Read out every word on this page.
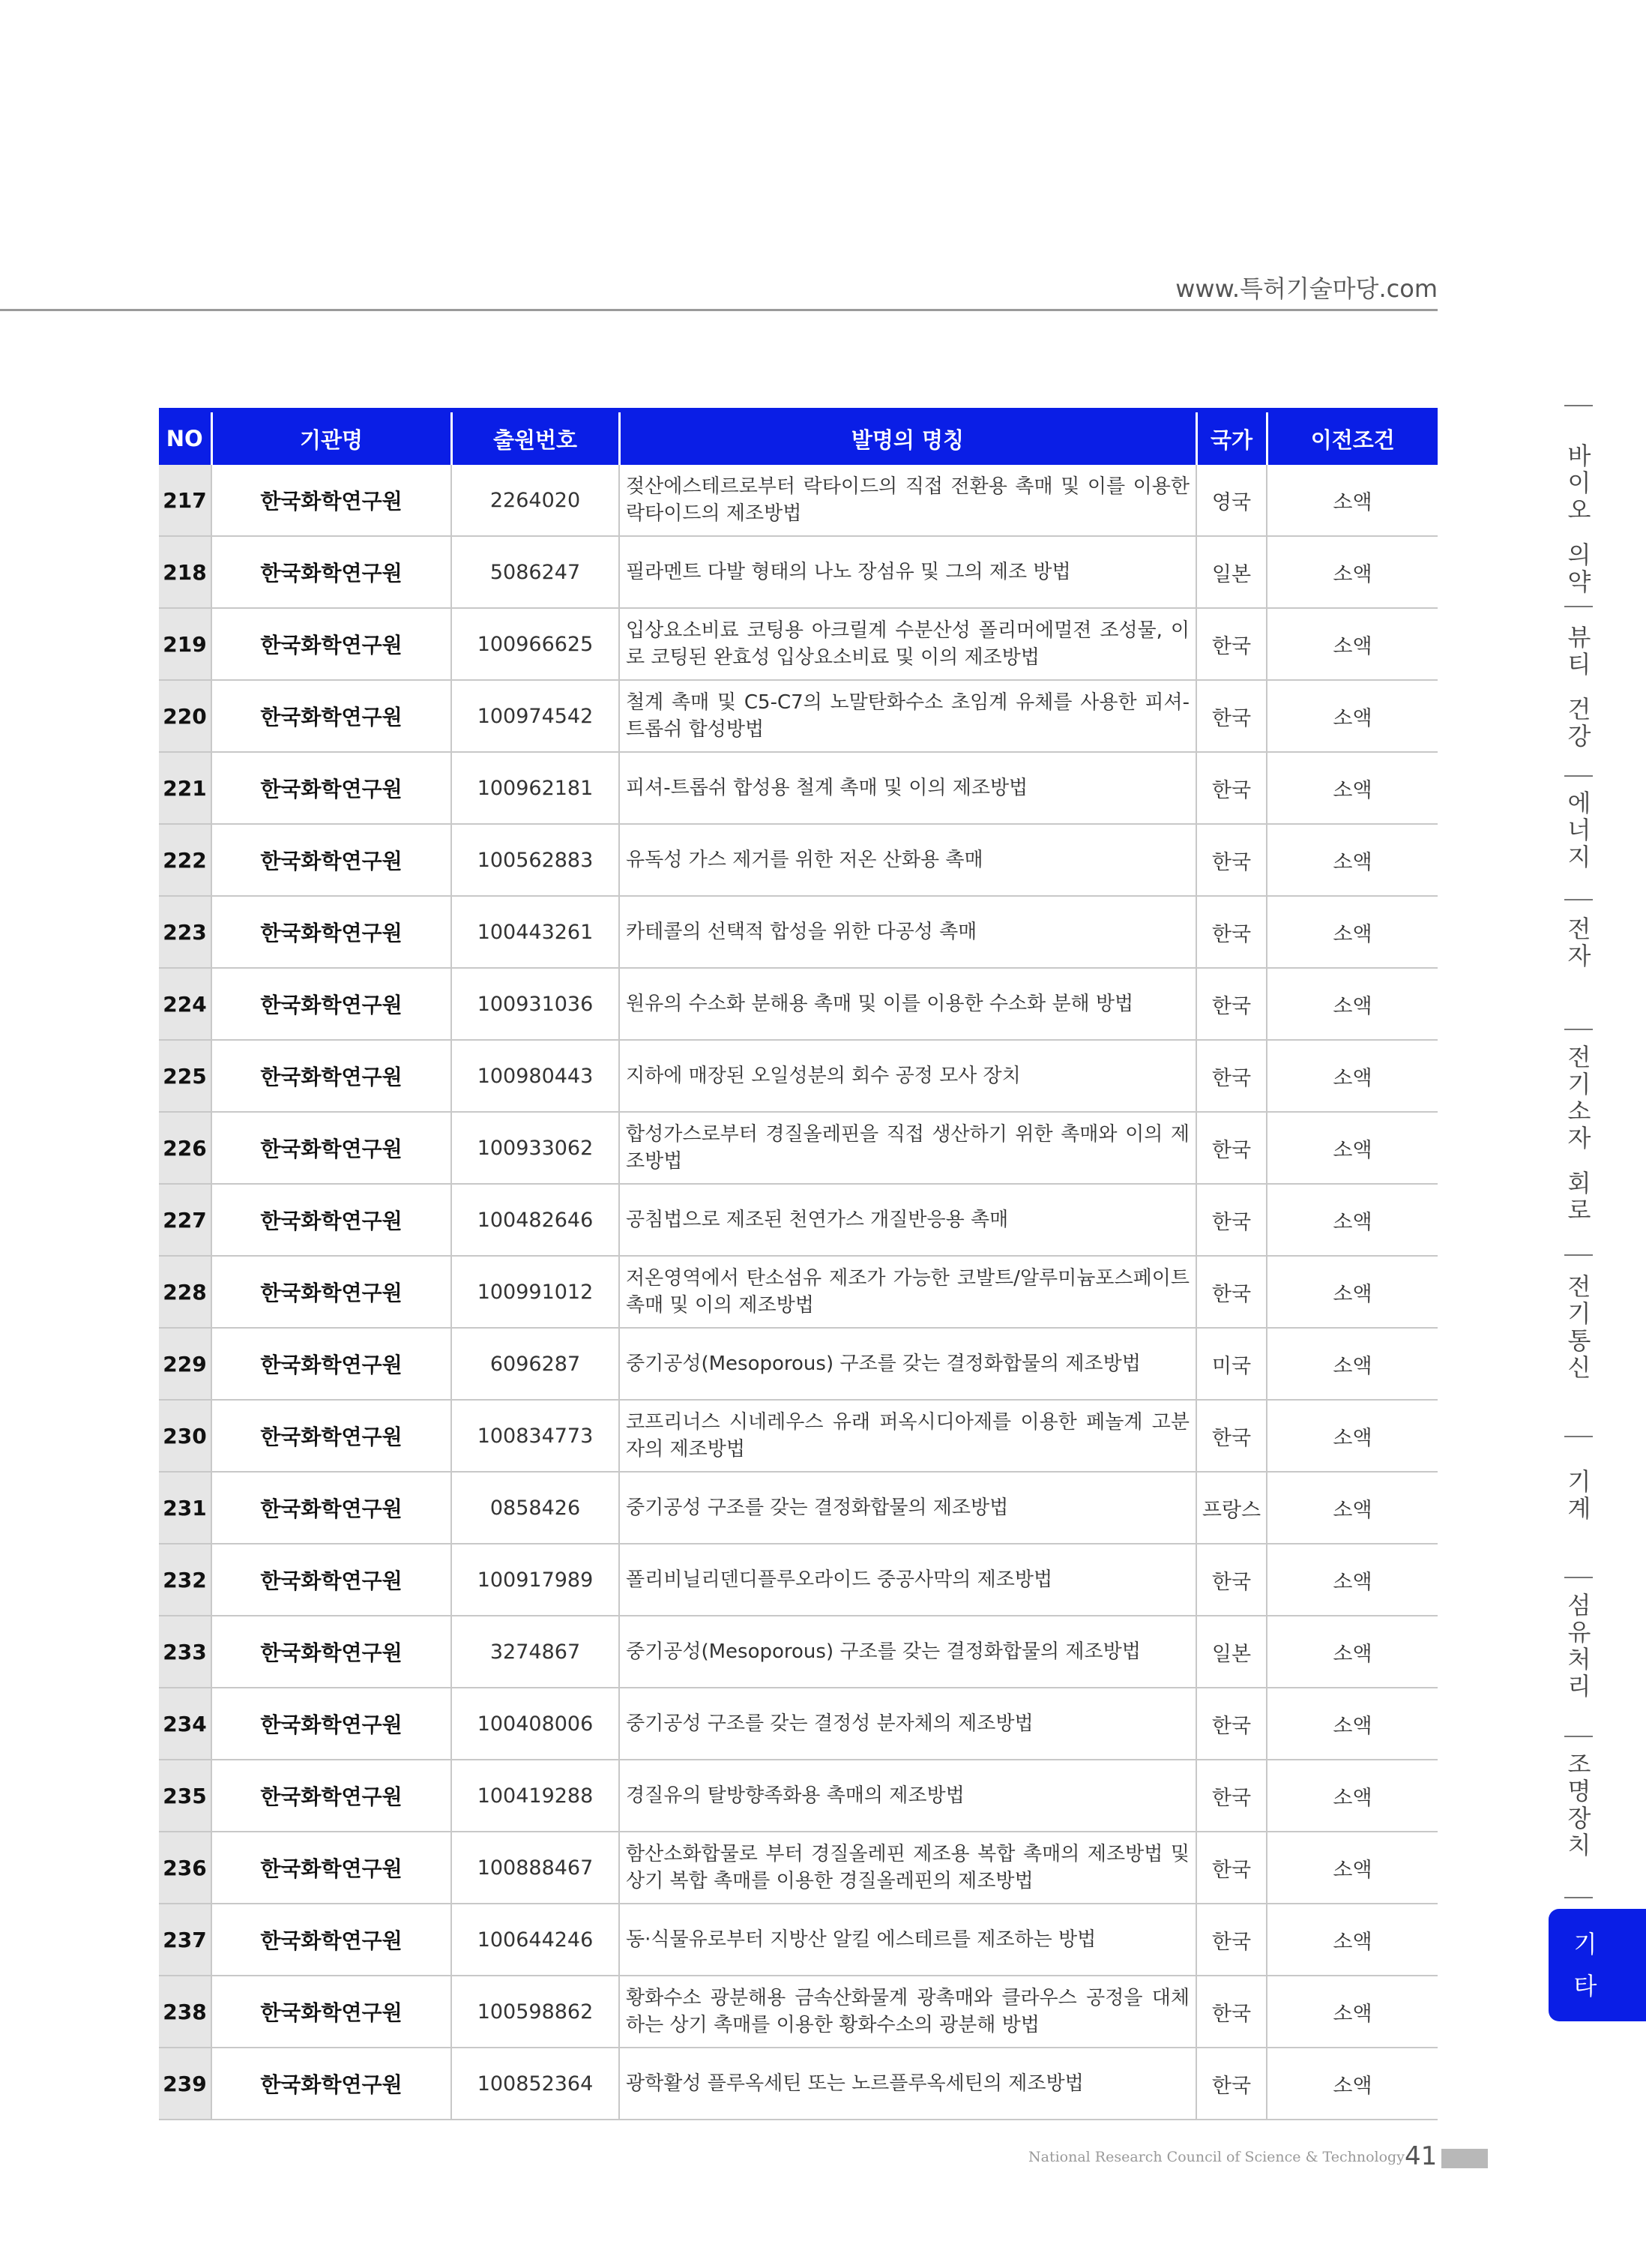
www.특허기술마당.com
NO	기관명	출원번호	발명의 명칭	국가	이전조건
217	한국화학연구원	2264020	젖산에스테르로부터 락타이드의 직접 전환용 촉매 및 이를 이용한 락타이드의 제조방법	영국	소액
218	한국화학연구원	5086247	필라멘트 다발 형태의 나노 장섬유 및 그의 제조 방법	일본	소액
219	한국화학연구원	100966625	입상요소비료 코팅용 아크릴계 수분산성 폴리머에멀젼 조성물, 이로 코팅된 완효성 입상요소비료 및 이의 제조방법	한국	소액
220	한국화학연구원	100974542	철계 촉매 및 C5-C7의 노말탄화수소 초임계 유체를 사용한 피셔-트롭쉬 합성방법	한국	소액
221	한국화학연구원	100962181	피셔-트롭쉬 합성용 철계 촉매 및 이의 제조방법	한국	소액
222	한국화학연구원	100562883	유독성 가스 제거를 위한 저온 산화용 촉매	한국	소액
223	한국화학연구원	100443261	카테콜의 선택적 합성을 위한 다공성 촉매	한국	소액
224	한국화학연구원	100931036	원유의 수소화 분해용 촉매 및 이를 이용한 수소화 분해 방법	한국	소액
225	한국화학연구원	100980443	지하에 매장된 오일성분의 회수 공정 모사 장치	한국	소액
226	한국화학연구원	100933062	합성가스로부터 경질올레핀을 직접 생산하기 위한 촉매와 이의 제조방법	한국	소액
227	한국화학연구원	100482646	공침법으로 제조된 천연가스 개질반응용 촉매	한국	소액
228	한국화학연구원	100991012	저온영역에서 탄소섬유 제조가 가능한 코발트/알루미늄포스페이트 촉매 및 이의 제조방법	한국	소액
229	한국화학연구원	6096287	중기공성(Mesoporous) 구조를 갖는 결정화합물의 제조방법	미국	소액
230	한국화학연구원	100834773	코프리너스 시네레우스 유래 퍼옥시디아제를 이용한 페놀계 고분자의 제조방법	한국	소액
231	한국화학연구원	0858426	중기공성 구조를 갖는 결정화합물의 제조방법	프랑스	소액
232	한국화학연구원	100917989	폴리비닐리덴디플루오라이드 중공사막의 제조방법	한국	소액
233	한국화학연구원	3274867	중기공성(Mesoporous) 구조를 갖는 결정화합물의 제조방법	일본	소액
234	한국화학연구원	100408006	중기공성 구조를 갖는 결정성 분자체의 제조방법	한국	소액
235	한국화학연구원	100419288	경질유의 탈방향족화용 촉매의 제조방법	한국	소액
236	한국화학연구원	100888467	함산소화합물로 부터 경질올레핀 제조용 복합 촉매의 제조방법 및 상기 복합 촉매를 이용한 경질올레핀의 제조방법	한국	소액
237	한국화학연구원	100644246	동·식물유로부터 지방산 알킬 에스테르를 제조하는 방법	한국	소액
238	한국화학연구원	100598862	황화수소 광분해용 금속산화물계 광촉매와 클라우스 공정을 대체하는 상기 촉매를 이용한 황화수소의 광분해 방법	한국	소액
239	한국화학연구원	100852364	광학활성 플루옥세틴 또는 노르플루옥세틴의 제조방법	한국	소액
바
이
오
의
약
뷰
티
건
강
에
너
지
전
자
전
기
소
자
회
로
전
기
통
신
기
계
섬
유
처
리
조
명
장
치
기
타
National Research Council of Science & Technology 41
